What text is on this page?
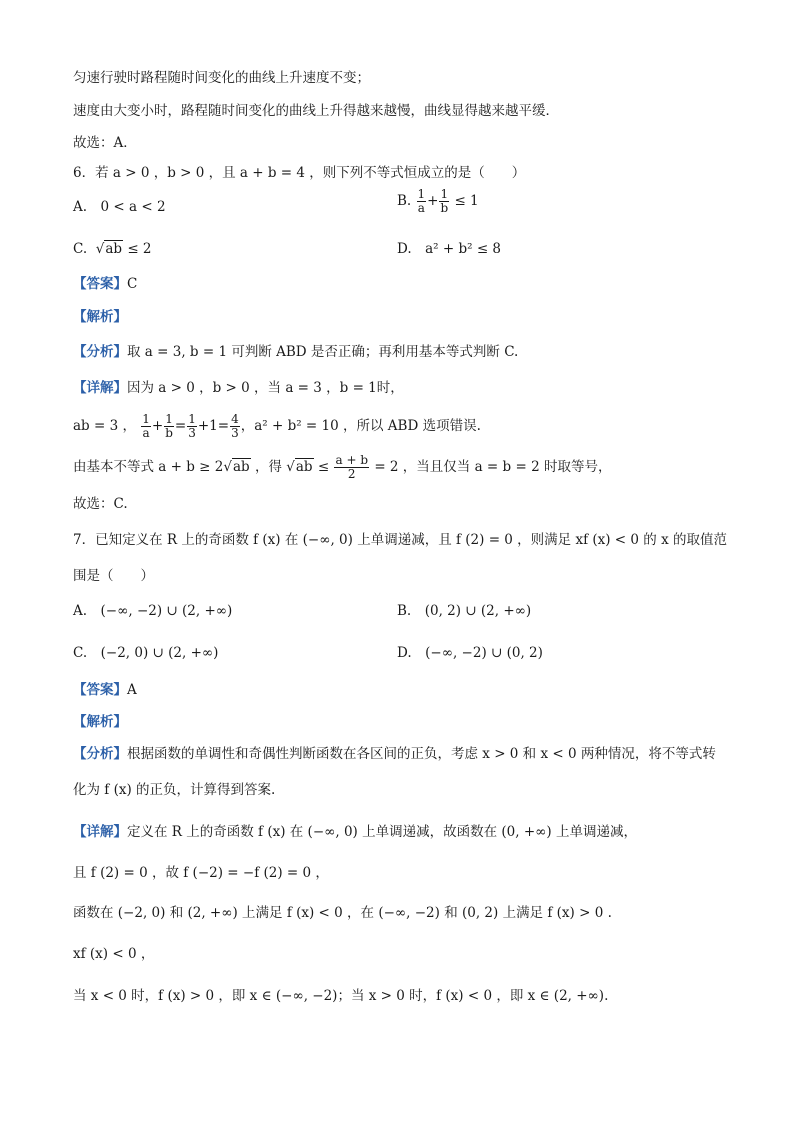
匀速行驶时路程随时间变化的曲线上升速度不变；
速度由大变小时，路程随时间变化的曲线上升得越来越慢，曲线显得越来越平缓．
故选：A．
6．若 a > 0 ，b > 0 ，且 a + b = 4 ，则下列不等式恒成立的是（　　）
A.　0 < a < 2	B. $\frac{1}{a} + \frac{1}{b} \le 1$
C.  √ab ≤ 2	D.　a² + b² ≤ 8
【答案】C
【解析】
【分析】取 a = 3, b = 1 可判断 ABD 是否正确；再利用基本等式判断 C.
【详解】因为 a > 0 ，b > 0 ，当 a = 3 ，b = 1时，
ab = 3 ， $\frac{1}{a} + \frac{1}{b} = \frac{1}{3} +1= \frac{4}{3}$ ，a² + b² = 10 ，所以 ABD 选项错误.
由基本不等式 a + b ≥ 2√ab ，得 $√ab \le \frac{a + b}{2} = 2$ ，当且仅当 a = b = 2 时取等号，
故选：C.
7．已知定义在 R 上的奇函数 f (x) 在 (−∞, 0) 上单调递减，且 f (2) = 0 ，则满足 xf (x) < 0 的 x 的取值范
围是（　　）
A.　(−∞, −2) ∪ (2, +∞)	B.　(0, 2) ∪ (2, +∞)
C.　(−2, 0) ∪ (2, +∞)	D.　(−∞, −2) ∪ (0, 2)
【答案】A
【解析】
【分析】根据函数的单调性和奇偶性判断函数在各区间的正负，考虑 x > 0 和 x < 0 两种情况，将不等式转
化为 f (x) 的正负，计算得到答案.
【详解】定义在 R 上的奇函数 f (x) 在 (−∞, 0) 上单调递减，故函数在 (0, +∞) 上单调递减，
且 f (2) = 0 ，故 f (−2) = −f (2) = 0 ，
函数在 (−2, 0) 和 (2, +∞) 上满足 f (x) < 0 ，在 (−∞, −2) 和 (0, 2) 上满足 f (x) > 0 .
xf (x) < 0 ，
当 x < 0 时，f (x) > 0 ，即 x ∈ (−∞, −2)；当 x > 0 时，f (x) < 0 ，即 x ∈ (2, +∞).
